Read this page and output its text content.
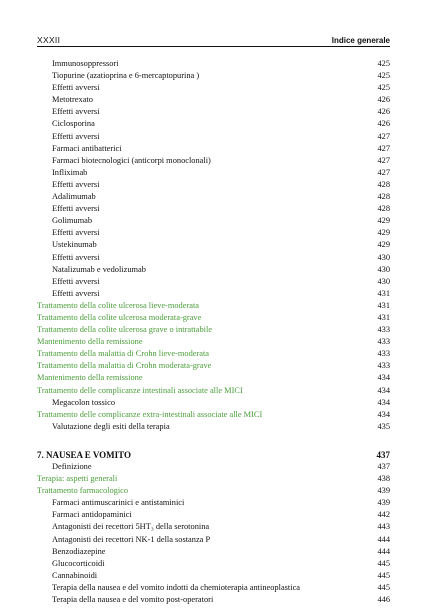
XXXII	Indice generale
Immunosoppressori	425
Tiopurine (azatioprina e 6-mercaptopurina )	425
Effetti avversi	425
Metotrexato	426
Effetti avversi	426
Ciclosporina	426
Effetti avversi	427
Farmaci antibatterici	427
Farmaci biotecnologici (anticorpi monoclonali)	427
Infliximab	427
Effetti avversi	428
Adalimumab	428
Effetti avversi	428
Golimumab	429
Effetti avversi	429
Ustekinumab	429
Effetti avversi	430
Natalizumab e vedolizumab	430
Effetti avversi	430
Effetti avversi	431
Trattamento della colite ulcerosa lieve-moderata	431
Trattamento della colite ulcerosa moderata-grave	431
Trattamento della colite ulcerosa grave o intrattabile	433
Mantenimento della remissione	433
Trattamento della malattia di Crohn lieve-moderata	433
Trattamento della malattia di Crohn moderata-grave	433
Mantenimento della remissione	434
Trattamento delle complicanze intestinali associate alle MICI	434
Megacolon tossico	434
Trattamento delle complicanze extra-intestinali associate alle MICI	434
Valutazione degli esiti della terapia	435
7. NAUSEA E VOMITO	437
Definizione	437
Terapia: aspetti generali	438
Trattamento farmacologico	439
Farmaci antimuscarinici e antistaminici	439
Farmaci antidopaminici	442
Antagonisti dei recettori 5HT₃ della serotonina	443
Antagonisti dei recettori NK-1 della sostanza P	444
Benzodiazepine	444
Glucocorticoidi	445
Cannabinoidi	445
Terapia della nausea e del vomito indotti da chemioterapia antineoplastica	445
Terapia della nausea e del vomito post-operatori	446
